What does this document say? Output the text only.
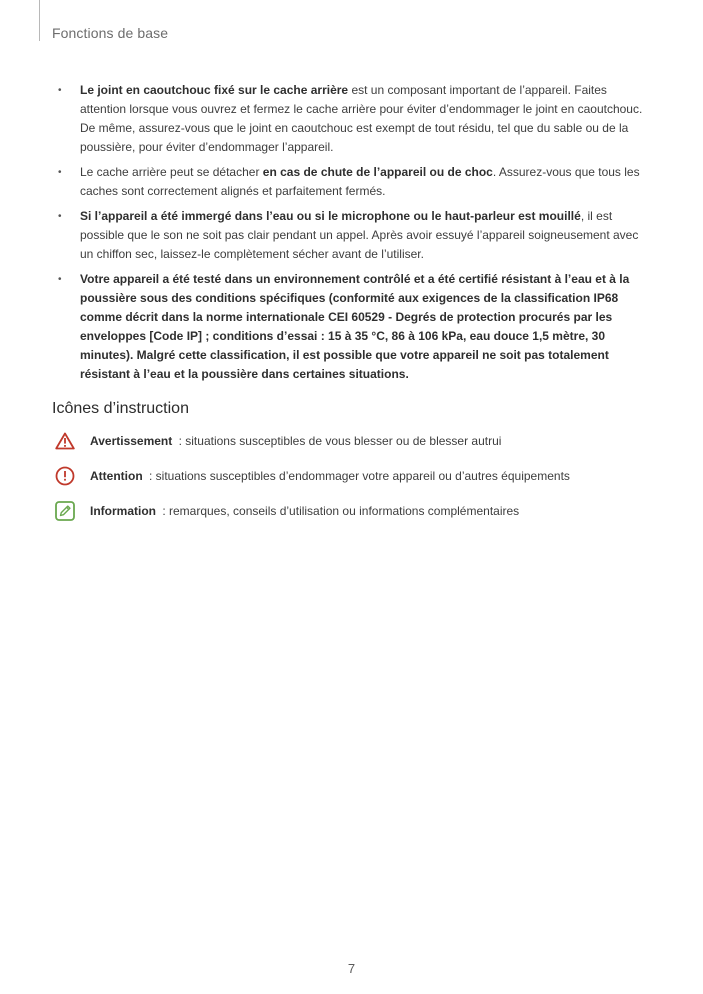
Fonctions de base
• Le joint en caoutchouc fixé sur le cache arrière est un composant important de l’appareil. Faites attention lorsque vous ouvrez et fermez le cache arrière pour éviter d’endommager le joint en caoutchouc. De même, assurez-vous que le joint en caoutchouc est exempt de tout résidu, tel que du sable ou de la poussière, pour éviter d’endommager l’appareil.
• Le cache arrière peut se détacher en cas de chute de l’appareil ou de choc. Assurez-vous que tous les caches sont correctement alignés et parfaitement fermés.
• Si l’appareil a été immergé dans l’eau ou si le microphone ou le haut-parleur est mouillé, il est possible que le son ne soit pas clair pendant un appel. Après avoir essuyé l’appareil soigneusement avec un chiffon sec, laissez-le complètement sécher avant de l’utiliser.
• Votre appareil a été testé dans un environnement contrôlé et a été certifié résistant à l’eau et à la poussière sous des conditions spécifiques (conformité aux exigences de la classification IP68 comme décrit dans la norme internationale CEI 60529 - Degrés de protection procurés par les enveloppes [Code IP] ; conditions d’essai : 15 à 35 °C, 86 à 106 kPa, eau douce 1,5 mètre, 30 minutes). Malgré cette classification, il est possible que votre appareil ne soit pas totalement résistant à l’eau et la poussière dans certaines situations.
Icônes d’instruction
Avertissement : situations susceptibles de vous blesser ou de blesser autrui
Attention : situations susceptibles d’endommager votre appareil ou d’autres équipements
Information : remarques, conseils d’utilisation ou informations complémentaires
7
